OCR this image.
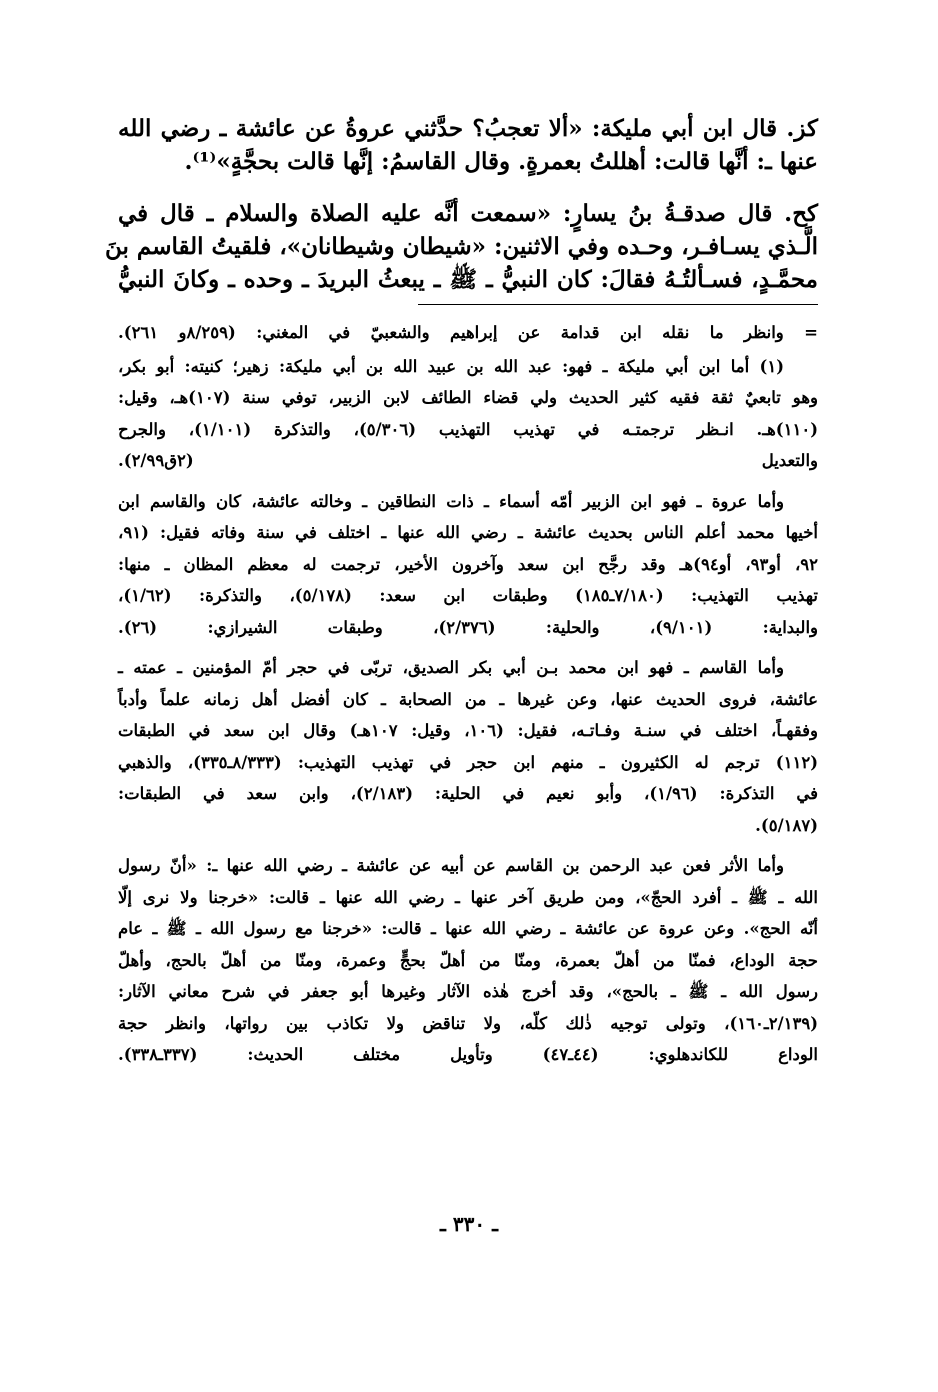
كز. قال ابن أبي مليكة: «ألا تعجبُ؟ حدَّثني عروةُ عن عائشة ـ رضي الله
عنها ـ: أنَّها قالت: أهللتُ بعمرةٍ. وقال القاسمُ: إنَّها قالت بحجَّةٍ»⁽¹⁾.
كح. قال صدقـةُ بنُ يسارٍ: «سمعت أنَّه عليه الصلاة والسلام ـ قال في
الَّـذي يسـافـر، وحـده وفي الاثنين: «شيطان وشيطانان»، فلقيتُ القاسم بنَ
محمَّـدٍ، فسـألتُـهُ فقالَ: كان النبيُّ ـ ﷺ ـ يبعثُ البريدَ ـ وحده ـ وكانَ النبيُّ
= وانظر ما نقله ابن قدامة عن إبراهيم والشعبيّ في المغني: (٨/٢٥٩و ٢٦١).
(١) أما ابن أبي مليكة ـ فهو: عبد الله بن عبيد الله بن أبي مليكة: زهير؛ كنيته: أبو بكر،
وهو تابعيٌ ثقة فقيه كثير الحديث ولي قضاء الطائف لابن الزبير، توفي سنة (١٠٧)هـ، وقيل:
(١١٠)هـ. انـظر ترجمتـه في تهذيب التهذيب (٥/٣٠٦)، والتذكرة (١/١٠١)، والجرح
والتعديل (٢ق٢/٩٩).
وأما عروة ـ فهو ابن الزبير أمّه أسماء ـ ذات النطاقين ـ وخالته عائشة، كان والقاسم ابن
أخيها محمد أعلم الناس بحديث عائشة ـ رضي الله عنها ـ اختلف في سنة وفاته فقيل: (٩١،
٩٢، أو٩٣، أو٩٤)هـ وقد رجَّح ابن سعد وآخرون الأخير، ترجمت له معظم المظان ـ منها:
تهذيب التهذيب: (٧/١٨٠ـ١٨٥) وطبقات ابن سعد: (٥/١٧٨)، والتذكرة: (١/٦٢)،
والبداية: (٩/١٠١)، والحلية: (٢/٣٧٦)، وطبقات الشيرازي: (٢٦).
وأما القاسم ـ فهو ابن محمد بـن أبي بكر الصديق، تربّى في حجر أمّ المؤمنين ـ عمته ـ
عائشة، فروى الحديث عنها، وعن غيرها ـ من الصحابة ـ كان أفضل أهل زمانه علماً وأدباً
وفقهـاً، اختلف في سنـة وفـاتـه، فقيل: (١٠٦، وقيل: ١٠٧هـ) وقال ابن سعد في الطبقات
(١١٢) ترجم له الكثيرون ـ منهم ابن حجر في تهذيب التهذيب: (٨/٣٣٣ـ٣٣٥)، والذهبي
في التذكرة: (١/٩٦)، وأبو نعيم في الحلية: (٢/١٨٣)، وابن سعد في الطبقات:
(٥/١٨٧).
وأما الأثر فعن عبد الرحمن بن القاسم عن أبيه عن عائشة ـ رضي الله عنها ـ: «أنّ رسول
الله ـ ﷺ ـ أفرد الحجّ»، ومن طريق آخر عنها ـ رضي الله عنها ـ قالت: «خرجنا ولا نرى إلّا
أنّه الحج». وعن عروة عن عائشة ـ رضي الله عنها ـ قالت: «خرجنا مع رسول الله ـ ﷺ ـ عام
حجة الوداع، فمنّا من أهلّ بعمرة، ومنّا من أهلّ بحجٍّ وعمرة، ومنّا من أهلّ بالحج، وأهلّ
رسول الله ـ ﷺ ـ بالحج»، وقد أخرج هٰذه الآثار وغيرها أبو جعفر في شرح معاني الآثار:
(٢/١٣٩ـ١٦٠)، وتولى توجيه ذٰلك كلّه، ولا تناقض ولا تكاذب بين رواتها، وانظر حجة
الوداع للكاندهلوي: (٤٤ـ٤٧) وتأويل مختلف الحديث: (٣٣٧ـ٣٣٨).
ـ ٣٣٠ ـ
